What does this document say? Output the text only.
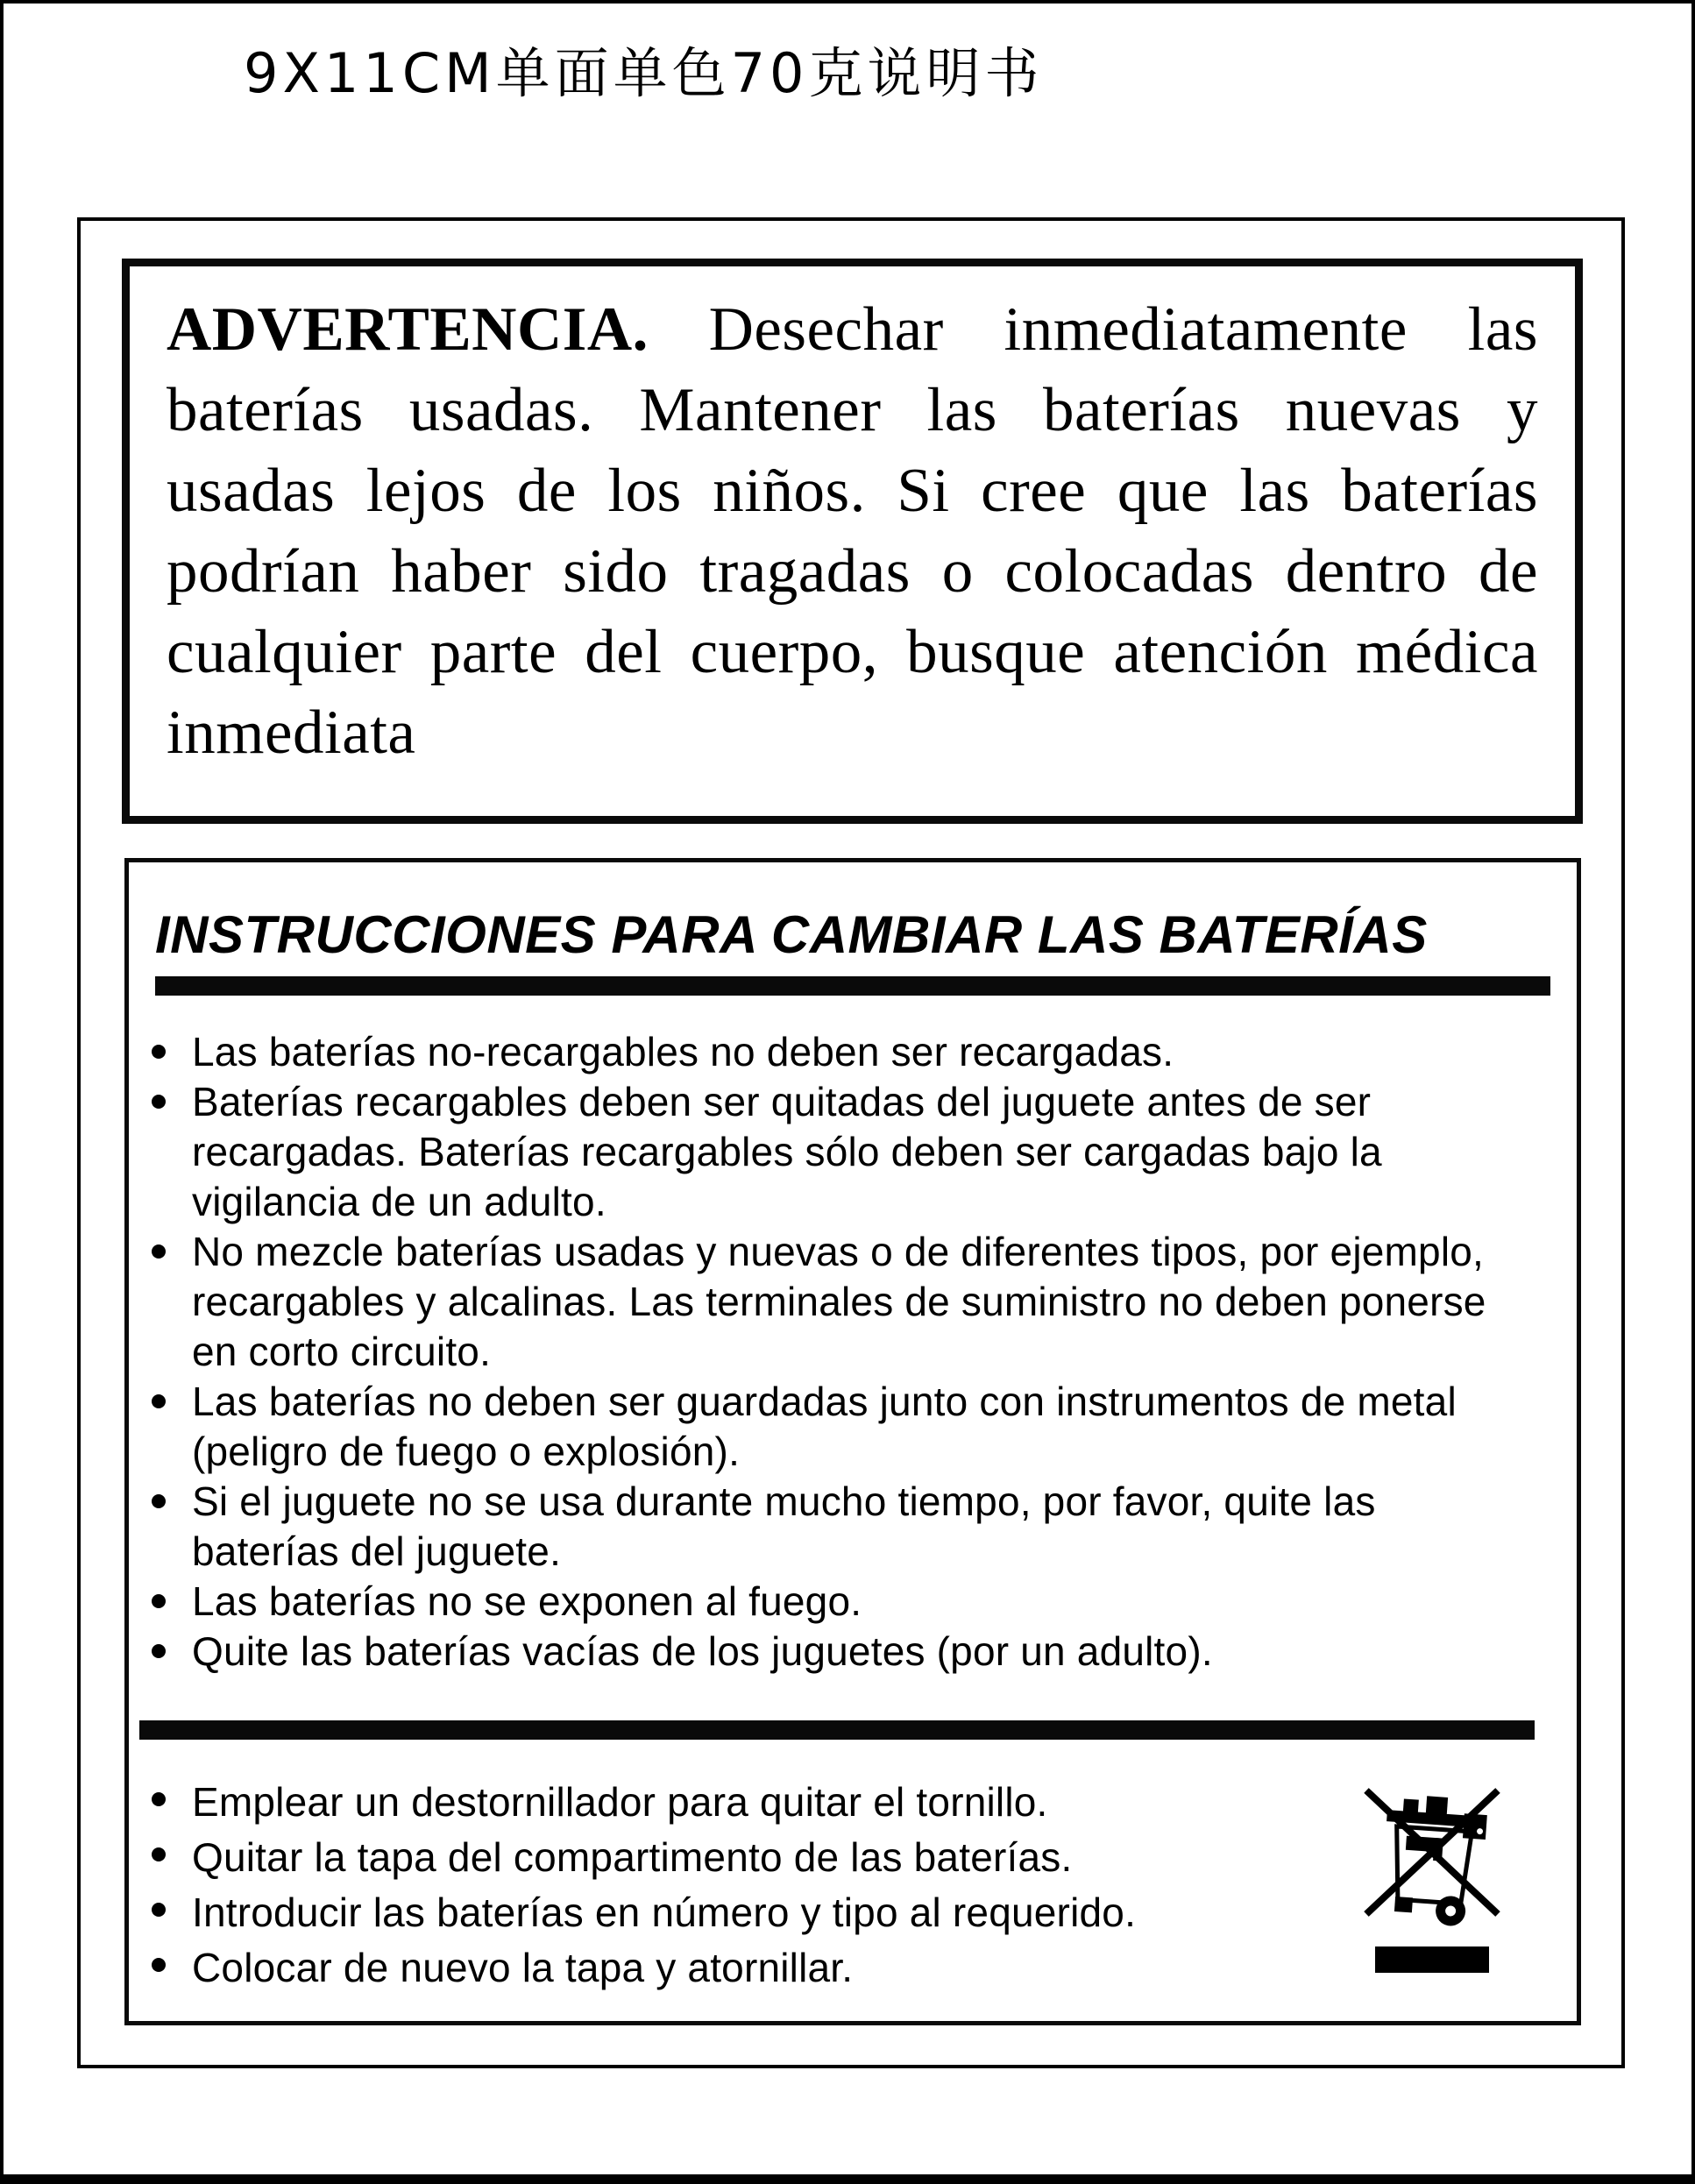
9X11CM单面单色70克说明书

ADVERTENCIA. Desechar inmediatamente las baterías usadas. Mantener las baterías nuevas y usadas lejos de los niños. Si cree que las baterías podrían haber sido tragadas o colocadas dentro de cualquier parte del cuerpo, busque atención médica inmediata

INSTRUCCIONES PARA CAMBIAR LAS BATERÍAS
Las baterías no-recargables no deben ser recargadas.
Baterías recargables deben ser quitadas del juguete antes de ser recargadas. Baterías recargables sólo deben ser cargadas bajo la vigilancia de un adulto.
No mezcle baterías usadas y nuevas o de diferentes tipos, por ejemplo, recargables y alcalinas. Las terminales de suministro no deben ponerse en corto circuito.
Las baterías no deben ser guardadas junto con instrumentos de metal (peligro de fuego o explosión).
Si el juguete no se usa durante mucho tiempo, por favor, quite las baterías del juguete.
Las baterías no se exponen al fuego.
Quite las baterías vacías de los juguetes (por un adulto).
Emplear un destornillador para quitar el tornillo.
Quitar la tapa del compartimento de las baterías.
Introducir las baterías en número y tipo al requerido.
Colocar de nuevo la tapa y atornillar.
